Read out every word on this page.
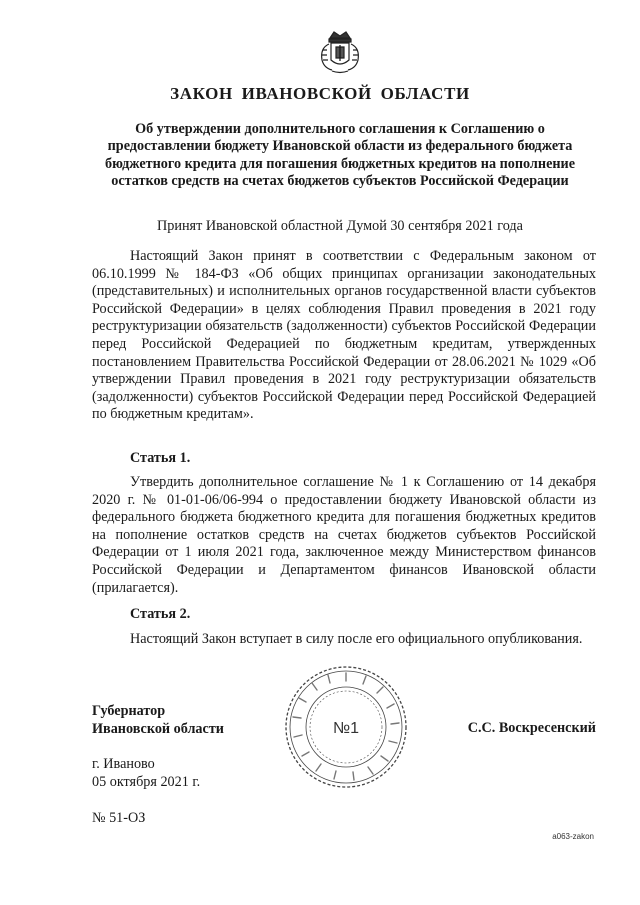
ЗАКОН ИВАНОВСКОЙ ОБЛАСТИ
Об утверждении дополнительного соглашения к Соглашению о предоставлении бюджету Ивановской области из федерального бюджета бюджетного кредита для погашения бюджетных кредитов на пополнение остатков средств на счетах бюджетов субъектов Российской Федерации
Принят Ивановской областной Думой 30 сентября 2021 года

Настоящий Закон принят в соответствии с Федеральным законом от 06.10.1999 № 184-ФЗ «Об общих принципах организации законодательных (представительных) и исполнительных органов государственной власти субъектов Российской Федерации» в целях соблюдения Правил проведения в 2021 году реструктуризации обязательств (задолженности) субъектов Российской Федерации перед Российской Федерацией по бюджетным кредитам, утвержденных постановлением Правительства Российской Федерации от 28.06.2021 № 1029 «Об утверждении Правил проведения в 2021 году реструктуризации обязательств (задолженности) субъектов Российской Федерации перед Российской Федерацией по бюджетным кредитам».

Статья 1.

Утвердить дополнительное соглашение № 1 к Соглашению от 14 декабря 2020 г. № 01-01-06/06-994 о предоставлении бюджету Ивановской области из федерального бюджета бюджетного кредита для погашения бюджетных кредитов на пополнение остатков средств на счетах бюджетов субъектов Российской Федерации от 1 июля 2021 года, заключенное между Министерством финансов Российской Федерации и Департаментом финансов Ивановской области (прилагается).

Статья 2.

Настоящий Закон вступает в силу после его официального опубликования.

Губернатор
Ивановской области	№1	С.С. Воскресенский
г. Иваново
05 октября 2021 г.
№ 51-ОЗ
a063-zakon
